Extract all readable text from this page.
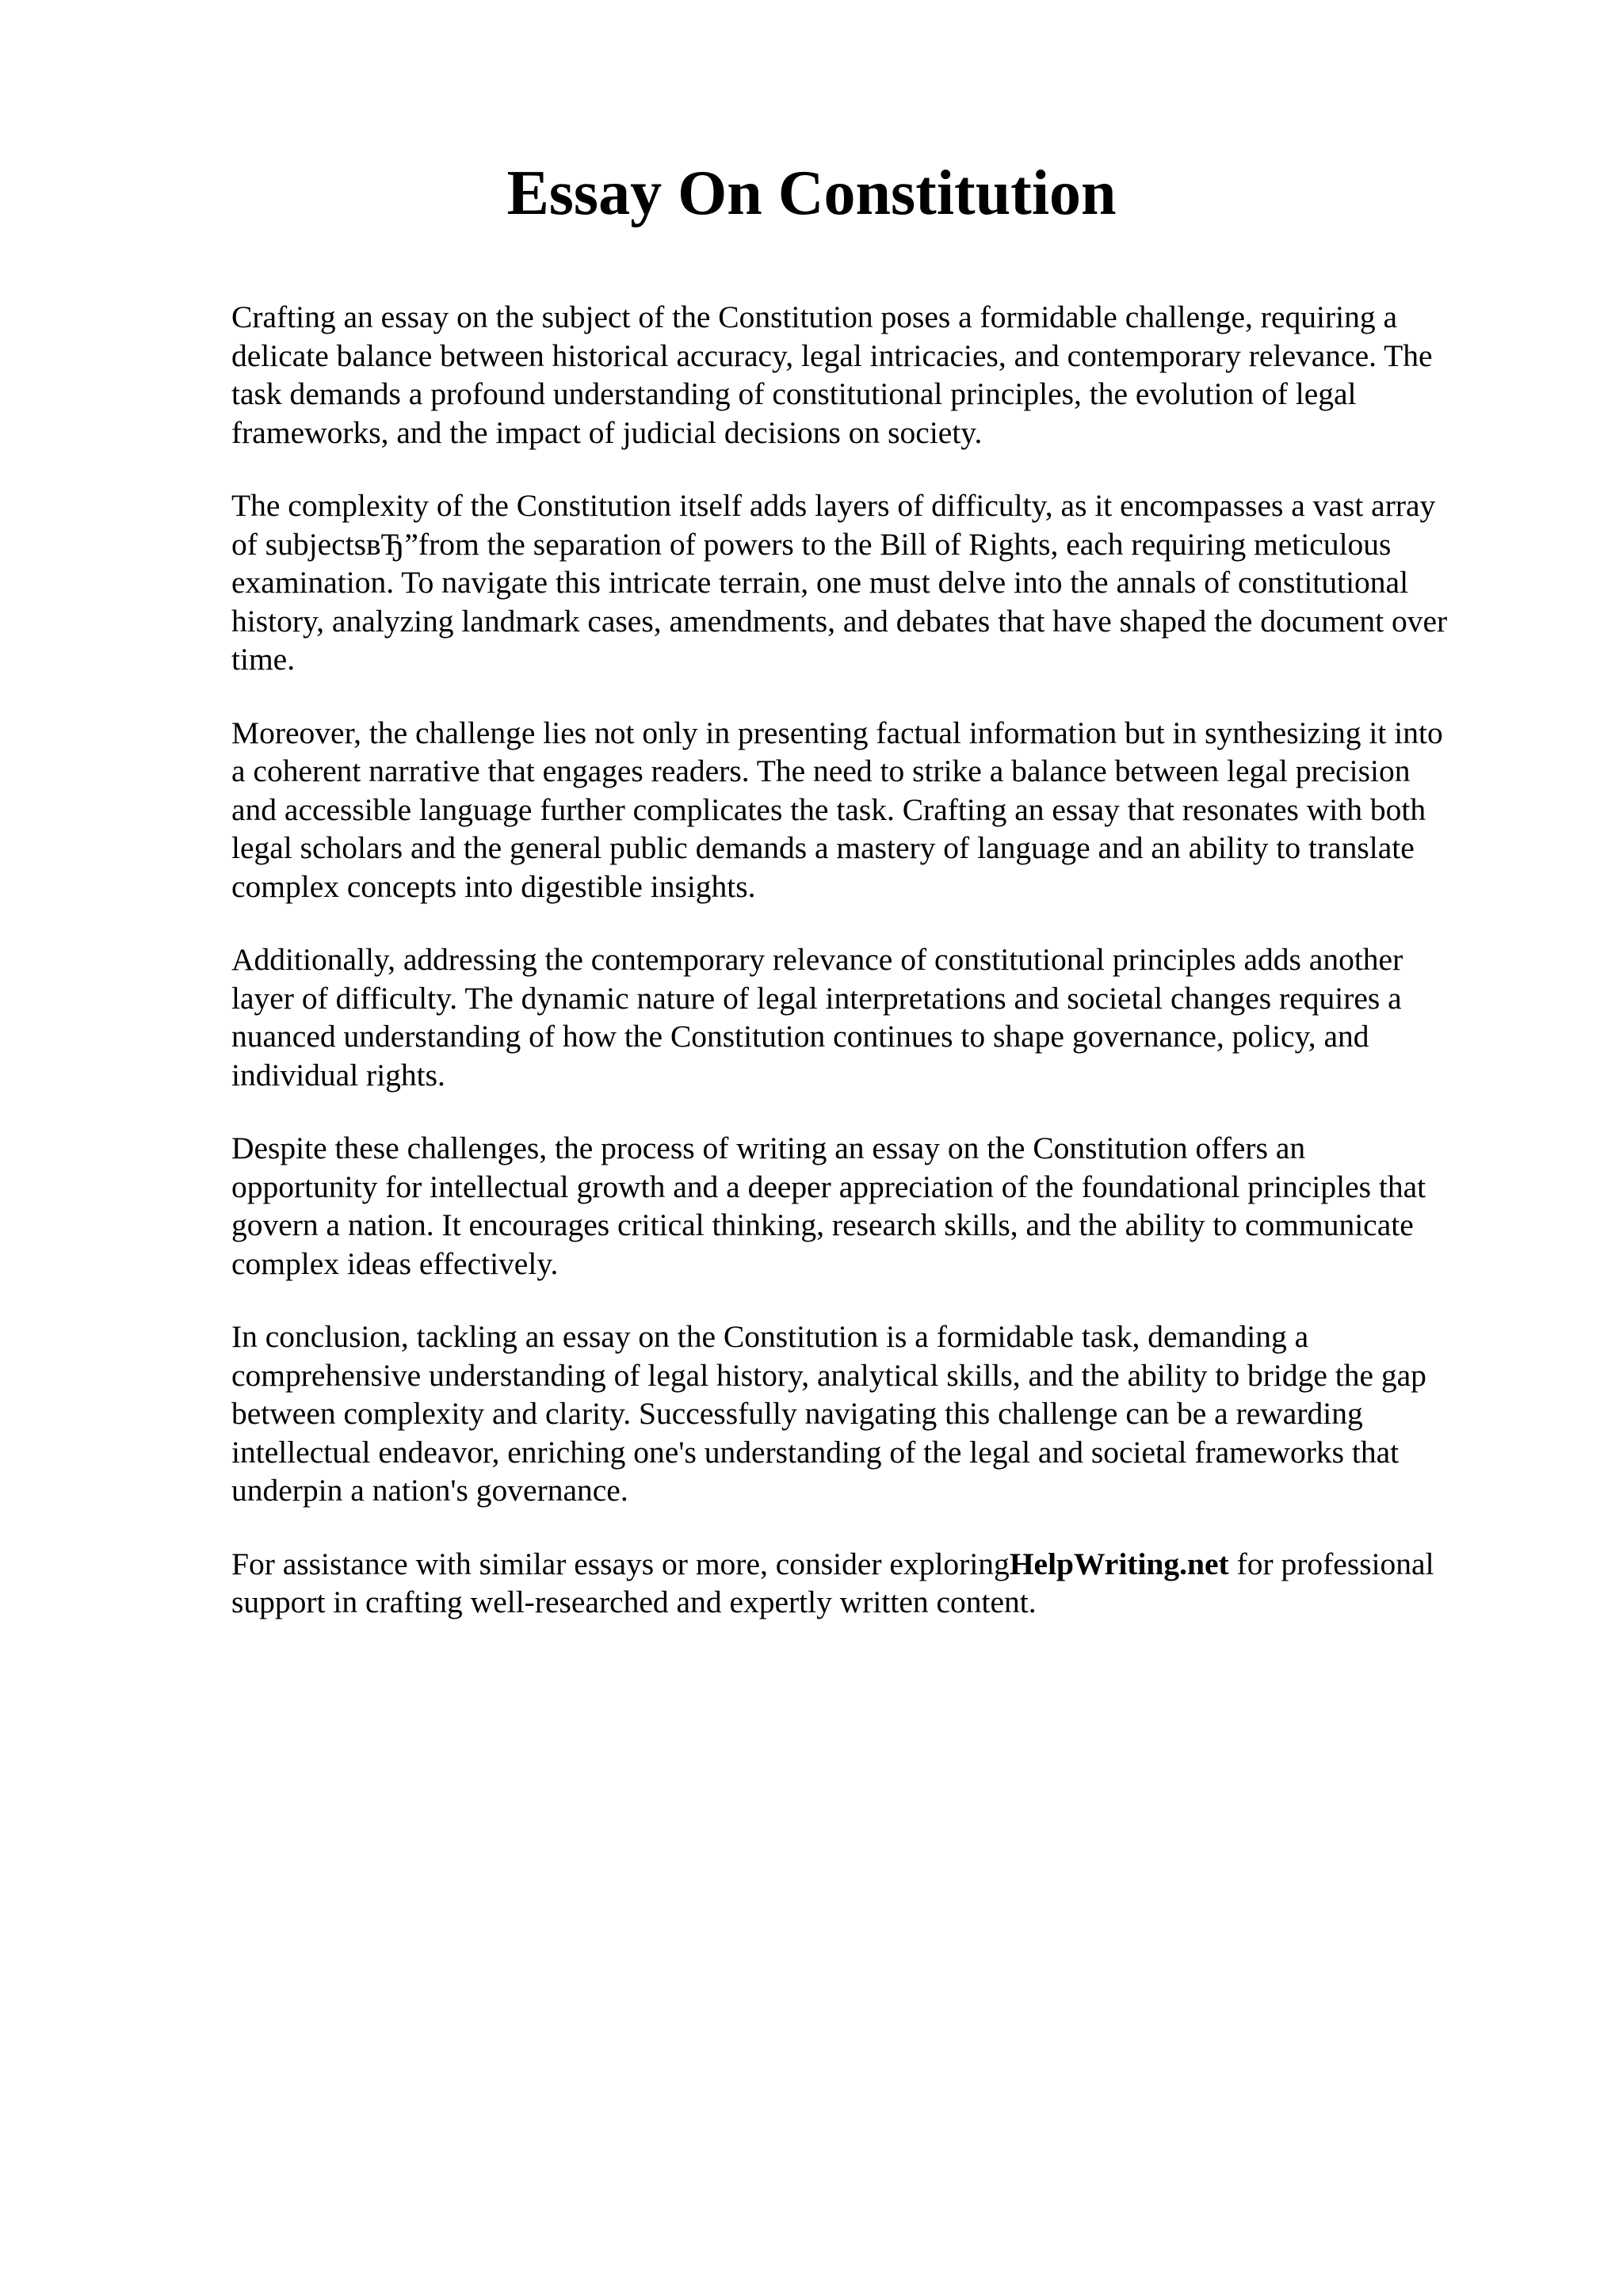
Essay On Constitution

Crafting an essay on the subject of the Constitution poses a formidable challenge, requiring a
delicate balance between historical accuracy, legal intricacies, and contemporary relevance. The
task demands a profound understanding of constitutional principles, the evolution of legal
frameworks, and the impact of judicial decisions on society.

The complexity of the Constitution itself adds layers of difficulty, as it encompasses a vast array
of subjectsвЂ”from the separation of powers to the Bill of Rights, each requiring meticulous
examination. To navigate this intricate terrain, one must delve into the annals of constitutional
history, analyzing landmark cases, amendments, and debates that have shaped the document over
time.

Moreover, the challenge lies not only in presenting factual information but in synthesizing it into
a coherent narrative that engages readers. The need to strike a balance between legal precision
and accessible language further complicates the task. Crafting an essay that resonates with both
legal scholars and the general public demands a mastery of language and an ability to translate
complex concepts into digestible insights.

Additionally, addressing the contemporary relevance of constitutional principles adds another
layer of difficulty. The dynamic nature of legal interpretations and societal changes requires a
nuanced understanding of how the Constitution continues to shape governance, policy, and
individual rights.

Despite these challenges, the process of writing an essay on the Constitution offers an
opportunity for intellectual growth and a deeper appreciation of the foundational principles that
govern a nation. It encourages critical thinking, research skills, and the ability to communicate
complex ideas effectively.

In conclusion, tackling an essay on the Constitution is a formidable task, demanding a
comprehensive understanding of legal history, analytical skills, and the ability to bridge the gap
between complexity and clarity. Successfully navigating this challenge can be a rewarding
intellectual endeavor, enriching one's understanding of the legal and societal frameworks that
underpin a nation's governance.

For assistance with similar essays or more, consider exploringHelpWriting.net for professional
support in crafting well-researched and expertly written content.
